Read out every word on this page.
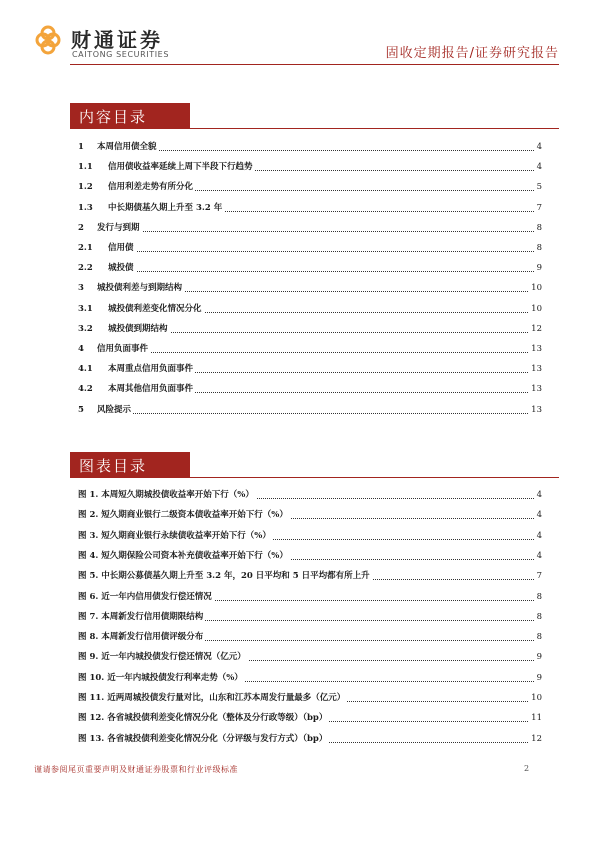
财通证券
CAITONG SECURITIES	固收定期报告/证券研究报告
内容目录
1 本周信用债全貌	4
1.1 信用债收益率延续上周下半段下行趋势	4
1.2 信用利差走势有所分化	5
1.3 中长期债基久期上升至 3.2 年	7
2 发行与到期	8
2.1 信用债	8
2.2 城投债	9
3 城投债利差与到期结构	10
3.1 城投债利差变化情况分化	10
3.2 城投债到期结构	12
4 信用负面事件	13
4.1 本周重点信用负面事件	13
4.2 本周其他信用负面事件	13
5 风险提示	13
图表目录
图 1. 本周短久期城投债收益率开始下行（%）	4
图 2. 短久期商业银行二级资本债收益率开始下行（%）	4
图 3. 短久期商业银行永续债收益率开始下行（%）	4
图 4. 短久期保险公司资本补充债收益率开始下行（%）	4
图 5. 中长期公募债基久期上升至 3.2 年，20 日平均和 5 日平均都有所上升	7
图 6. 近一年内信用债发行偿还情况	8
图 7. 本周新发行信用债期限结构	8
图 8. 本周新发行信用债评级分布	8
图 9. 近一年内城投债发行偿还情况（亿元）	9
图 10. 近一年内城投债发行利率走势（%）	9
图 11. 近两周城投债发行量对比，山东和江苏本周发行量最多（亿元）	10
图 12. 各省城投债利差变化情况分化（整体及分行政等级）（bp）	11
图 13. 各省城投债利差变化情况分化（分评级与发行方式）（bp）	12
谨请参阅尾页重要声明及财通证券股票和行业评级标准	2
